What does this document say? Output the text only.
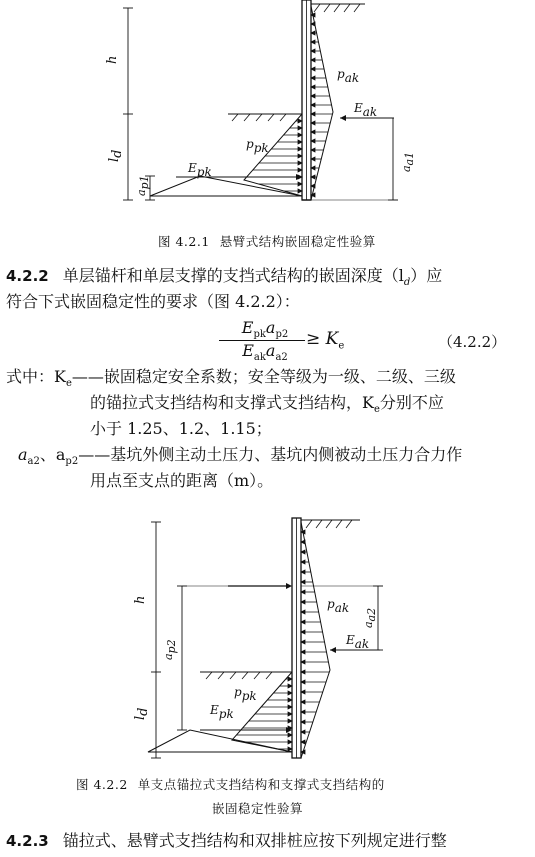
h
ld
pak
Eak
ppk
Epk
ap1
aa1
图 4.2.1 悬臂式结构嵌固稳定性验算
4.2.2 单层锚杆和单层支撑的支挡式结构的嵌固深度$(l_d)$应
符合下式嵌固稳定性的要求（图 4.2.2）：
$E_{pk}a_{p2}$
$E_{ak}a_{a2}$
≥ $K_e$	（4.2.2）
式中：$K_e——$嵌固稳定安全系数；安全等级为一级、二级、三级
的锚拉式支挡结构和支撑式支挡结构，$K_e$分别不应
小于 1.25、1.2、1.15；
$a_{a2}$、$a_{p2}——$基坑外侧主动土压力、基坑内侧被动土压力合力作
用点至支点的距离（m）。
h
ld
ap2
aa2
pak
Eak
ppk
Epk
图 4.2.2 单支点锚拉式支挡结构和支撑式支挡结构的
嵌固稳定性验算
4.2.3 锚拉式、悬臂式支挡结构和双排桩应按下列规定进行整
